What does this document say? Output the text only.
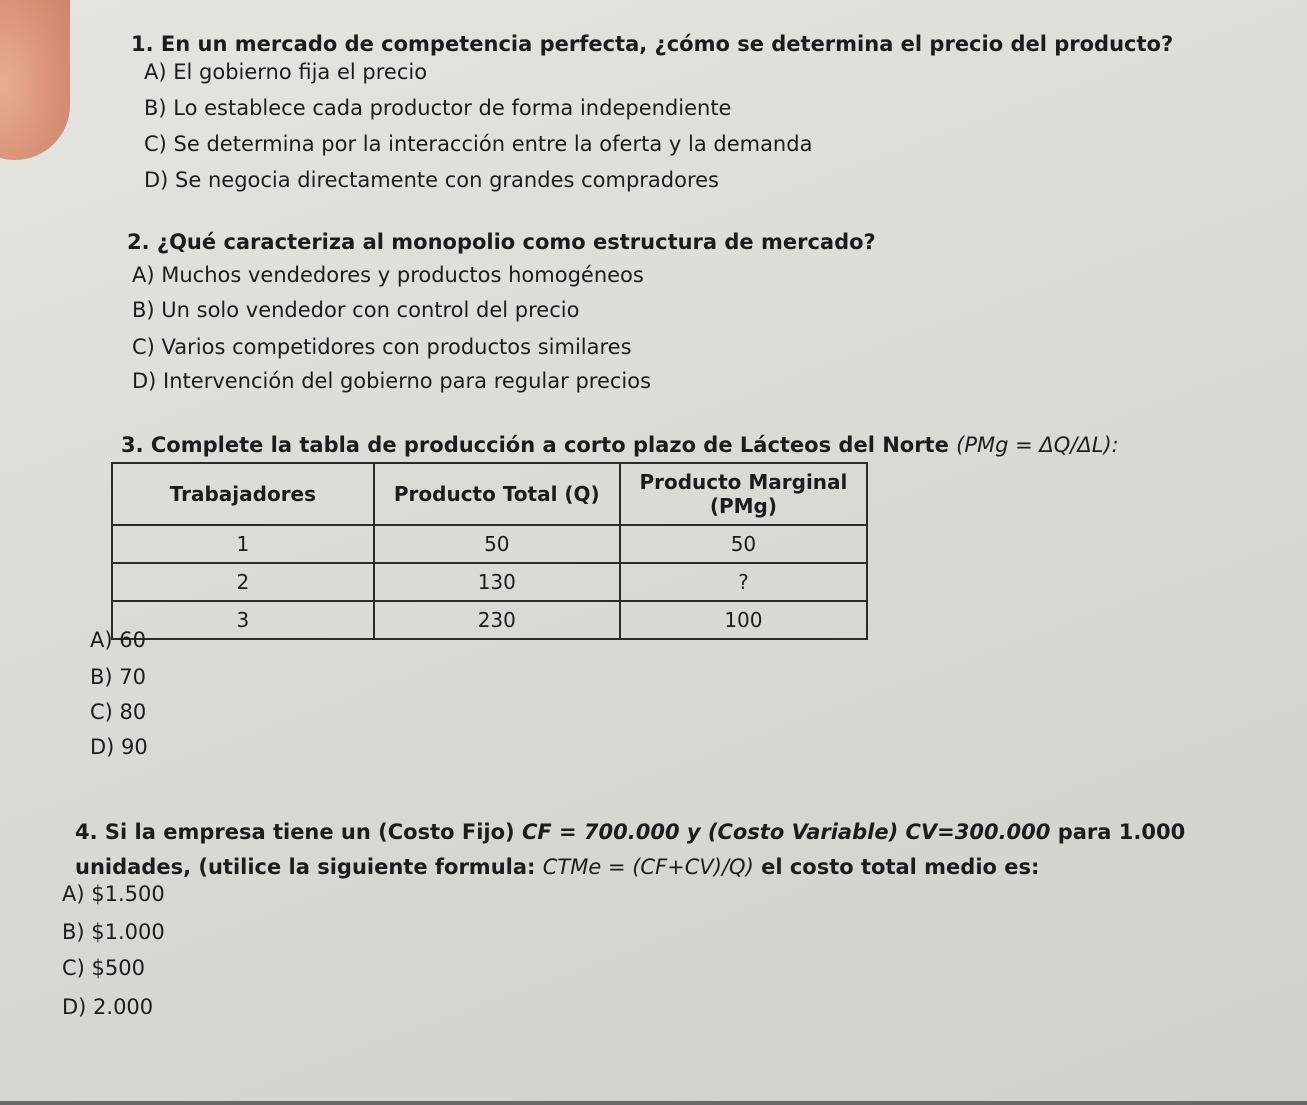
1. En un mercado de competencia perfecta, ¿cómo se determina el precio del producto?
A) El gobierno fija el precio
B) Lo establece cada productor de forma independiente
C) Se determina por la interacción entre la oferta y la demanda
D) Se negocia directamente con grandes compradores
2. ¿Qué caracteriza al monopolio como estructura de mercado?
A) Muchos vendedores y productos homogéneos
B) Un solo vendedor con control del precio
C) Varios competidores con productos similares
D) Intervención del gobierno para regular precios
3. Complete la tabla de producción a corto plazo de Lácteos del Norte (PMg = ΔQ/ΔL):
Trabajadores	Producto Total (Q)	Producto Marginal (PMg)
1	50	50
2	130	?
3	230	100
A) 60
B) 70
C) 80
D) 90
4. Si la empresa tiene un (Costo Fijo) CF = 700.000 y (Costo Variable) CV=300.000 para 1.000
unidades, (utilice la siguiente formula: CTMe = (CF+CV)/Q) el costo total medio es:
A) $1.500
B) $1.000
C) $500
D) 2.000
